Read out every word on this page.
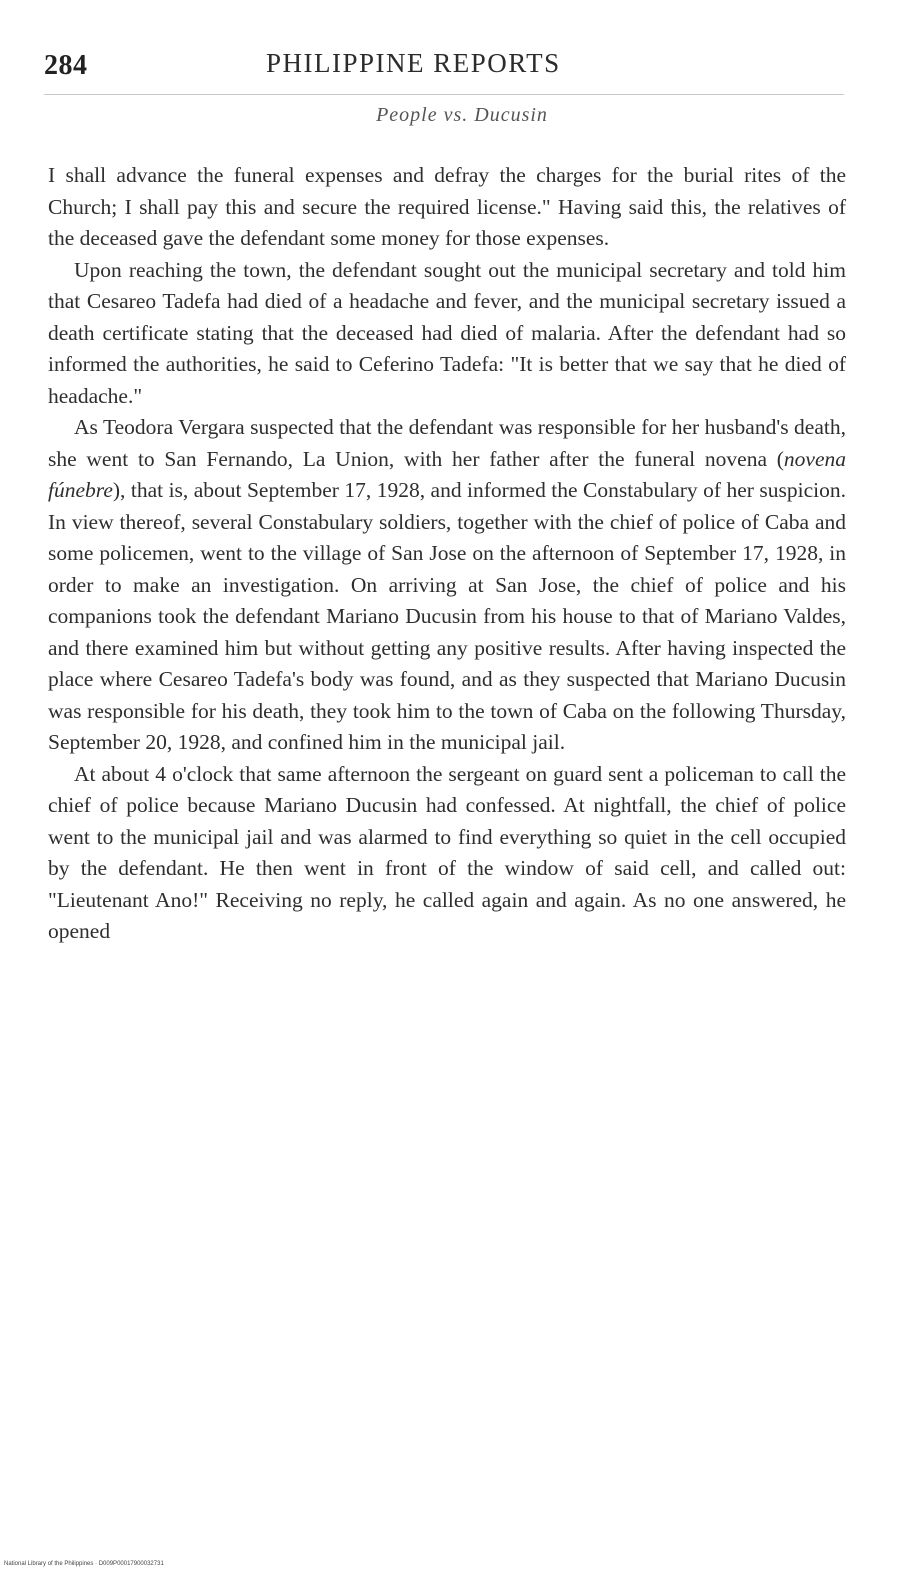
284	PHILIPPINE REPORTS
People vs. Ducusin

I shall advance the funeral expenses and defray the charges for the burial rites of the Church; I shall pay this and secure the required license." Having said this, the relatives of the deceased gave the defendant some money for those expenses.

Upon reaching the town, the defendant sought out the municipal secretary and told him that Cesareo Tadefa had died of a headache and fever, and the municipal secretary issued a death certificate stating that the deceased had died of malaria. After the defendant had so informed the authorities, he said to Ceferino Tadefa: "It is better that we say that he died of headache."

As Teodora Vergara suspected that the defendant was responsible for her husband's death, she went to San Fernando, La Union, with her father after the funeral novena (novena fúnebre), that is, about September 17, 1928, and informed the Constabulary of her suspicion. In view thereof, several Constabulary soldiers, together with the chief of police of Caba and some policemen, went to the village of San Jose on the afternoon of September 17, 1928, in order to make an investigation. On arriving at San Jose, the chief of police and his companions took the defendant Mariano Ducusin from his house to that of Mariano Valdes, and there examined him but without getting any positive results. After having inspected the place where Cesareo Tadefa's body was found, and as they suspected that Mariano Ducusin was responsible for his death, they took him to the town of Caba on the following Thursday, September 20, 1928, and confined him in the municipal jail.

At about 4 o'clock that same afternoon the sergeant on guard sent a policeman to call the chief of police because Mariano Ducusin had confessed. At nightfall, the chief of police went to the municipal jail and was alarmed to find everything so quiet in the cell occupied by the defendant. He then went in front of the window of said cell, and called out: "Lieutenant Ano!" Receiving no reply, he called again and again. As no one answered, he opened

National Library of the Philippines · D009P00017900032731
